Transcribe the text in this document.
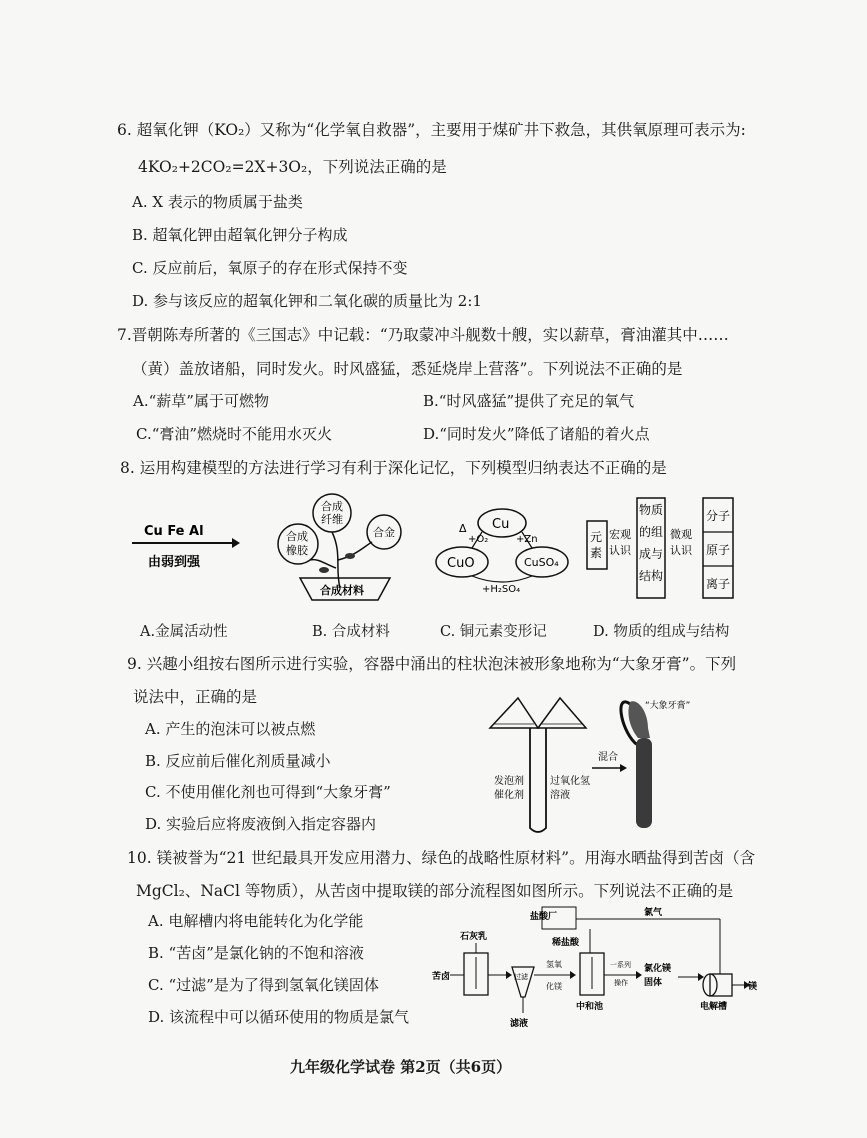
6. 超氧化钾（KO₂）又称为“化学氧自救器”，主要用于煤矿井下救急，其供氧原理可表示为:
4KO₂+2CO₂=2X+3O₂，下列说法正确的是
A. X 表示的物质属于盐类
B. 超氧化钾由超氧化钾分子构成
C. 反应前后，氧原子的存在形式保持不变
D. 参与该反应的超氧化钾和二氧化碳的质量比为 2:1
7.晋朝陈寿所著的《三国志》中记载：“乃取蒙冲斗舰数十艘，实以薪草，膏油灌其中……
（黄）盖放诸船，同时发火。时风盛猛，悉延烧岸上营落”。下列说法不正确的是
A.“薪草”属于可燃物	B.“时风盛猛”提供了充足的氧气
C.“膏油”燃烧时不能用水灭火	D.“同时发火”降低了诸船的着火点
8. 运用构建模型的方法进行学习有利于深化记忆，下列模型归纳表达不正确的是
Cu Fe Al
由弱到强
合成
纤维
合成
橡胶
合金
合成材料
Δ Cu
CuO	CuSO₄
+O₂	+Zn
+H₂SO₄
元
素
宏观
认识
物质
的组
成与
结构
微观
认识
分子
原子
离子
A.金属活动性	B. 合成材料	C. 铜元素变形记	D. 物质的组成与结构
9. 兴趣小组按右图所示进行实验，容器中涌出的柱状泡沫被形象地称为“大象牙膏”。下列
说法中，正确的是
A. 产生的泡沫可以被点燃
B. 反应前后催化剂质量减小
C. 不使用催化剂也可得到“大象牙膏”
D. 实验后应将废液倒入指定容器内
发泡剂
催化剂
过氧化氢
溶液
混合
“大象牙膏”
10. 镁被誉为“21 世纪最具开发应用潜力、绿色的战略性原材料”。用海水晒盐得到苦卤（含
MgCl₂、NaCl 等物质），从苦卤中提取镁的部分流程图如图所示。下列说法不正确的是
A. 电解槽内将电能转化为化学能
B. “苦卤”是氯化钠的不饱和溶液
C. “过滤”是为了得到氢氧化镁固体
D. 该流程中可以循环使用的物质是氯气
石灰乳
苦卤	过滤
滤液
氢氧
化镁
盐酸厂
稀盐酸
中和池
一系列
操作
氯化镁
固体
电解槽
镁
氯气
九年级化学试卷 第2页（共6页）
